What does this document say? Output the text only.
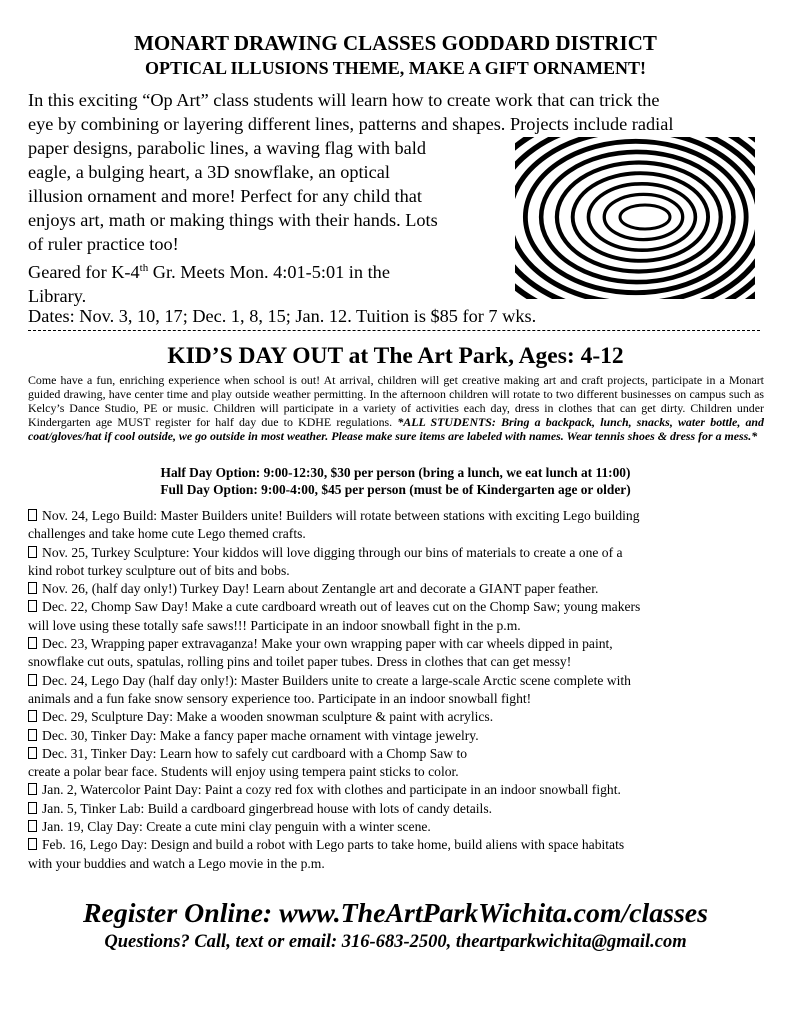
MONART DRAWING CLASSES GODDARD DISTRICT
OPTICAL ILLUSIONS THEME, MAKE A GIFT ORNAMENT!
In this exciting “Op Art” class students will learn how to create work that can trick the
eye by combining or layering different lines, patterns and shapes. Projects include radial
paper designs, parabolic lines, a waving flag with bald
eagle, a bulging heart, a 3D snowflake, an optical
illusion ornament and more! Perfect for any child that
enjoys art, math or making things with their hands. Lots
of ruler practice too!
Geared for K-4th Gr. Meets Mon. 4:01-5:01 in the
Library.
Dates: Nov. 3, 10, 17; Dec. 1, 8, 15; Jan. 12. Tuition is $85 for 7 wks.
KID’S DAY OUT at The Art Park, Ages: 4-12
Come have a fun, enriching experience when school is out! At arrival, children will get creative making art and craft projects, participate in a Monart guided drawing, have center time and play outside weather permitting. In the afternoon children will rotate to two different businesses on campus such as Kelcy’s Dance Studio, PE or music. Children will participate in a variety of activities each day, dress in clothes that can get dirty. Children under Kindergarten age MUST register for half day due to KDHE regulations. *ALL STUDENTS: Bring a backpack, lunch, snacks, water bottle, and coat/gloves/hat if cool outside, we go outside in most weather. Please make sure items are labeled with names. Wear tennis shoes & dress for a mess.*
Half Day Option: 9:00-12:30, $30 per person (bring a lunch, we eat lunch at 11:00)
Full Day Option: 9:00-4:00, $45 per person (must be of Kindergarten age or older)
Nov. 24, Lego Build: Master Builders unite! Builders will rotate between stations with exciting Lego building
challenges and take home cute Lego themed crafts.
Nov. 25, Turkey Sculpture: Your kiddos will love digging through our bins of materials to create a one of a
kind robot turkey sculpture out of bits and bobs.
Nov. 26, (half day only!) Turkey Day! Learn about Zentangle art and decorate a GIANT paper feather.
Dec. 22, Chomp Saw Day! Make a cute cardboard wreath out of leaves cut on the Chomp Saw; young makers
will love using these totally safe saws!!! Participate in an indoor snowball fight in the p.m.
Dec. 23, Wrapping paper extravaganza! Make your own wrapping paper with car wheels dipped in paint,
snowflake cut outs, spatulas, rolling pins and toilet paper tubes. Dress in clothes that can get messy!
Dec. 24, Lego Day (half day only!): Master Builders unite to create a large-scale Arctic scene complete with
animals and a fun fake snow sensory experience too. Participate in an indoor snowball fight!
Dec. 29, Sculpture Day: Make a wooden snowman sculpture & paint with acrylics.
Dec. 30, Tinker Day: Make a fancy paper mache ornament with vintage jewelry.
Dec. 31, Tinker Day: Learn how to safely cut cardboard with a Chomp Saw to
create a polar bear face. Students will enjoy using tempera paint sticks to color.
Jan. 2, Watercolor Paint Day: Paint a cozy red fox with clothes and participate in an indoor snowball fight.
Jan. 5, Tinker Lab: Build a cardboard gingerbread house with lots of candy details.
Jan. 19, Clay Day: Create a cute mini clay penguin with a winter scene.
Feb. 16, Lego Day: Design and build a robot with Lego parts to take home, build aliens with space habitats
with your buddies and watch a Lego movie in the p.m.
Register Online: www.TheArtParkWichita.com/classes
Questions? Call, text or email: 316-683-2500, theartparkwichita@gmail.com
